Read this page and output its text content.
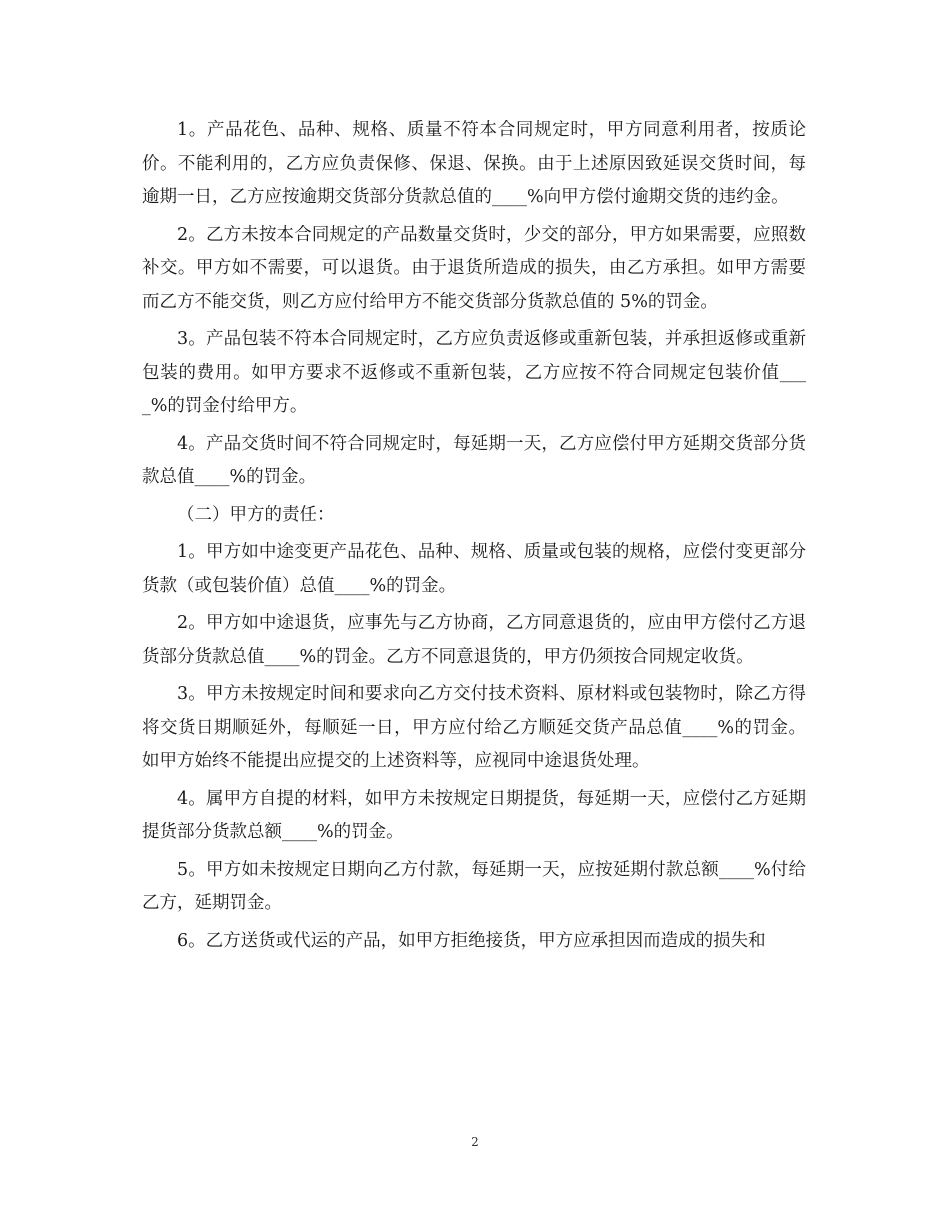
1。产品花色、品种、规格、质量不符本合同规定时，甲方同意利用者，按质论价。不能利用的，乙方应负责保修、保退、保换。由于上述原因致延误交货时间，每逾期一日，乙方应按逾期交货部分货款总值的____%向甲方偿付逾期交货的违约金。

2。乙方未按本合同规定的产品数量交货时，少交的部分，甲方如果需要，应照数补交。甲方如不需要，可以退货。由于退货所造成的损失，由乙方承担。如甲方需要而乙方不能交货，则乙方应付给甲方不能交货部分货款总值的 5%的罚金。

3。产品包装不符本合同规定时，乙方应负责返修或重新包装，并承担返修或重新包装的费用。如甲方要求不返修或不重新包装，乙方应按不符合同规定包装价值____%的罚金付给甲方。

4。产品交货时间不符合同规定时，每延期一天，乙方应偿付甲方延期交货部分货款总值____%的罚金。

（二）甲方的责任：

1。甲方如中途变更产品花色、品种、规格、质量或包装的规格，应偿付变更部分货款（或包装价值）总值____%的罚金。

2。甲方如中途退货，应事先与乙方协商，乙方同意退货的，应由甲方偿付乙方退货部分货款总值____%的罚金。乙方不同意退货的，甲方仍须按合同规定收货。

3。甲方未按规定时间和要求向乙方交付技术资料、原材料或包装物时，除乙方得将交货日期顺延外，每顺延一日，甲方应付给乙方顺延交货产品总值____%的罚金。如甲方始终不能提出应提交的上述资料等，应视同中途退货处理。

4。属甲方自提的材料，如甲方未按规定日期提货，每延期一天，应偿付乙方延期提货部分货款总额____%的罚金。

5。甲方如未按规定日期向乙方付款，每延期一天，应按延期付款总额____%付给乙方，延期罚金。

6。乙方送货或代运的产品，如甲方拒绝接货，甲方应承担因而造成的损失和

2
